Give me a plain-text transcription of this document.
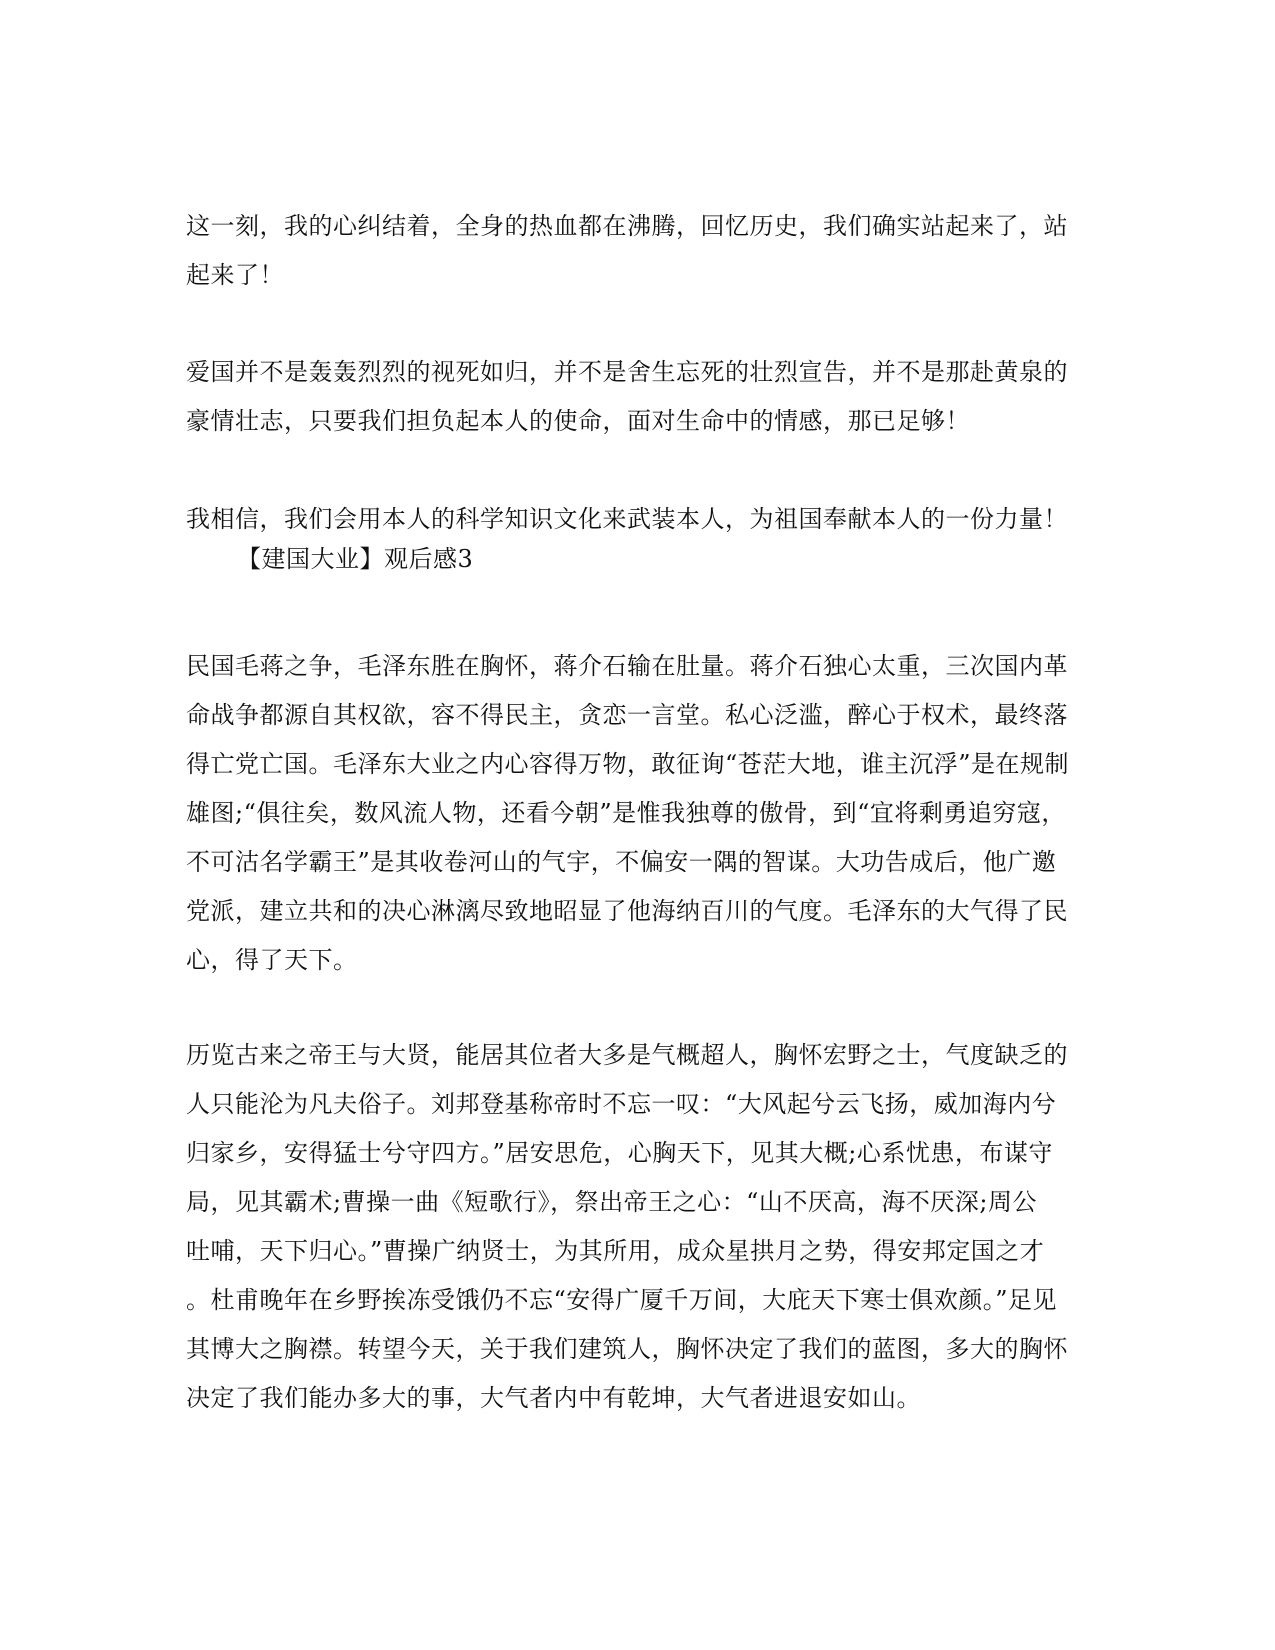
这一刻，我的心纠结着，全身的热血都在沸腾，回忆历史，我们确实站起来了，站
起来了！

爱国并不是轰轰烈烈的视死如归，并不是舍生忘死的壮烈宣告，并不是那赴黄泉的
豪情壮志，只要我们担负起本人的使命，面对生命中的情感，那已足够！

我相信，我们会用本人的科学知识文化来武装本人，为祖国奉献本人的一份力量！

【建国大业】观后感3

民国毛蒋之争，毛泽东胜在胸怀，蒋介石输在肚量。蒋介石独心太重，三次国内革
命战争都源自其权欲，容不得民主，贪恋一言堂。私心泛滥，醉心于权术，最终落
得亡党亡国。毛泽东大业之内心容得万物，敢征询“苍茫大地，谁主沉浮”是在规制
雄图;“俱往矣，数风流人物，还看今朝”是惟我独尊的傲骨，到“宜将剩勇追穷寇，
不可沽名学霸王”是其收卷河山的气宇，不偏安一隅的智谋。大功告成后，他广邀
党派，建立共和的决心淋漓尽致地昭显了他海纳百川的气度。毛泽东的大气得了民
心，得了天下。

历览古来之帝王与大贤，能居其位者大多是气概超人，胸怀宏野之士，气度缺乏的
人只能沦为凡夫俗子。刘邦登基称帝时不忘一叹：“大风起兮云飞扬，威加海内兮
归家乡，安得猛士兮守四方。”居安思危，心胸天下，见其大概;心系忧患，布谋守
局，见其霸术;曹操一曲《短歌行》，祭出帝王之心：“山不厌高，海不厌深;周公
吐哺，天下归心。”曹操广纳贤士，为其所用，成众星拱月之势，得安邦定国之才
。杜甫晚年在乡野挨冻受饿仍不忘“安得广厦千万间，大庇天下寒士俱欢颜。”足见
其博大之胸襟。转望今天，关于我们建筑人，胸怀决定了我们的蓝图，多大的胸怀
决定了我们能办多大的事，大气者内中有乾坤，大气者进退安如山。
